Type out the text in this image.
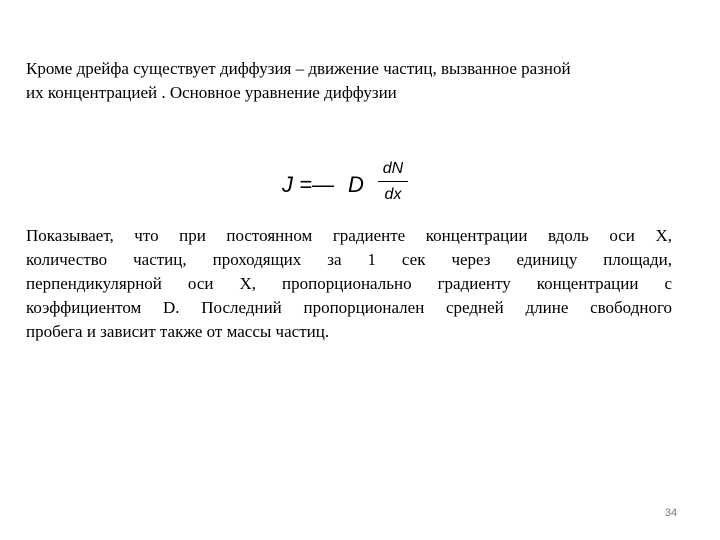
Кроме дрейфа существует диффузия – движение частиц, вызванное разной
их концентрацией . Основное уравнение диффузии

J =— D
dN
dx

Показывает, что при постоянном градиенте концентрации вдоль оси X,
количество частиц, проходящих за 1 сек через единицу площади,
перпендикулярной оси X, пропорционально градиенту концентрации с
коэффициентом D. Последний пропорционален средней длине свободного
пробега и зависит также от массы частиц.

34
